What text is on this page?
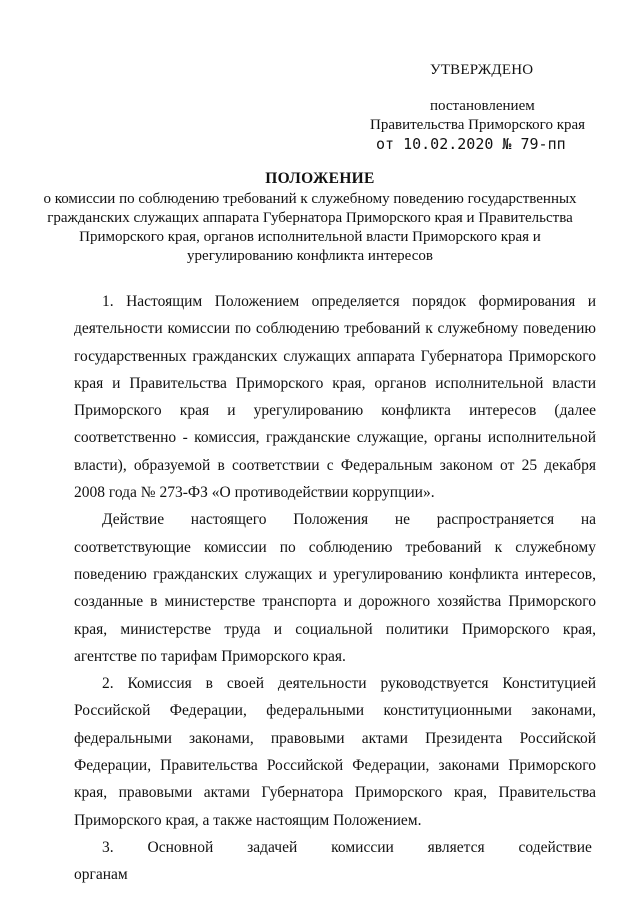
УТВЕРЖДЕНО
постановлением
Правительства Приморского края
от 10.02.2020 № 79-пп
ПОЛОЖЕНИЕ
о комиссии по соблюдению требований к служебному поведению государственных гражданских служащих аппарата Губернатора Приморского края и Правительства Приморского края, органов исполнительной власти Приморского края и урегулированию конфликта интересов

1. Настоящим Положением определяется порядок формирования и деятельности комиссии по соблюдению требований к служебному поведению государственных гражданских служащих аппарата Губернатора Приморского края и Правительства Приморского края, органов исполнительной власти Приморского края и урегулированию конфликта интересов (далее соответственно - комиссия, гражданские служащие, органы исполнительной власти), образуемой в соответствии с Федеральным законом от 25 декабря 2008 года № 273-ФЗ «О противодействии коррупции».

Действие настоящего Положения не распространяется на соответствующие комиссии по соблюдению требований к служебному поведению гражданских служащих и урегулированию конфликта интересов, созданные в министерстве транспорта и дорожного хозяйства Приморского края, министерстве труда и социальной политики Приморского края, агентстве по тарифам Приморского края.

2. Комиссия в своей деятельности руководствуется Конституцией Российской Федерации, федеральными конституционными законами, федеральными законами, правовыми актами Президента Российской Федерации, Правительства Российской Федерации, законами Приморского края, правовыми актами Губернатора Приморского края, Правительства Приморского края, а также настоящим Положением.

3. Основной задачей комиссии является содействие органам
